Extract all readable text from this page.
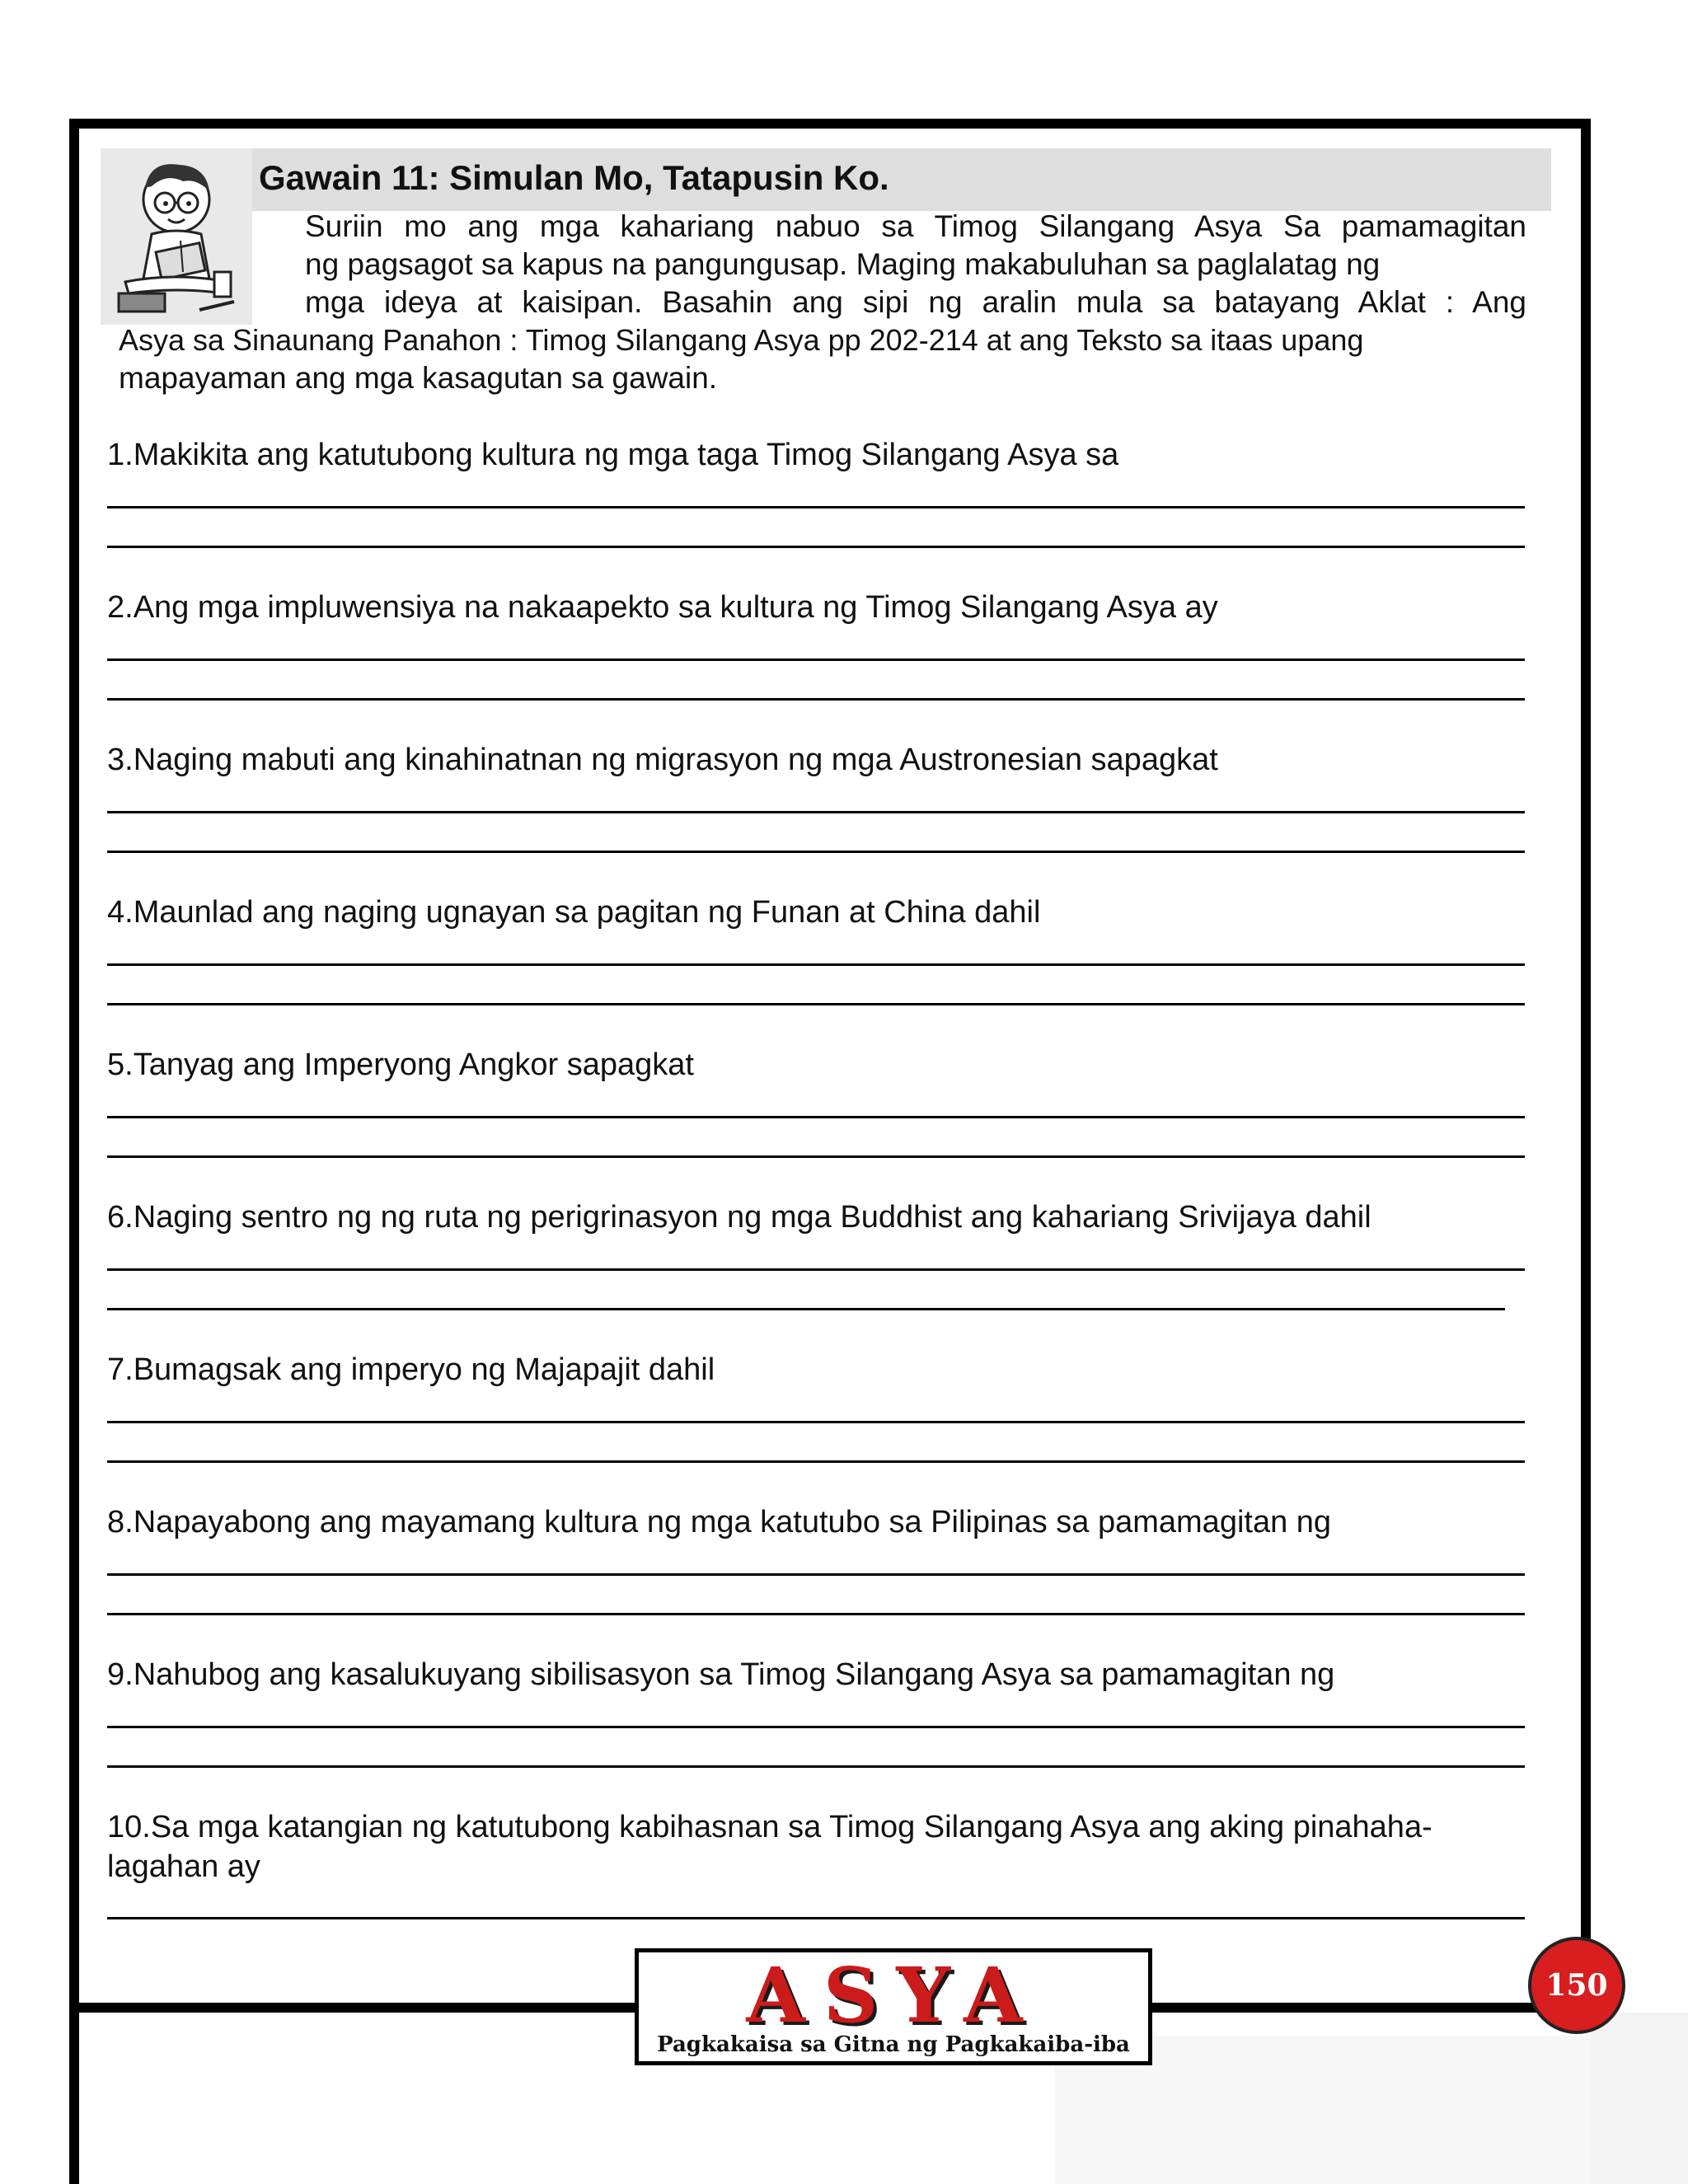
Gawain 11: Simulan Mo, Tatapusin Ko.
Suriin mo ang mga kahariang nabuo sa Timog Silangang Asya Sa pamamagitan
ng pagsagot sa kapus na pangungusap. Maging makabuluhan sa paglalatag ng
mga ideya at kaisipan. Basahin ang sipi ng aralin mula sa batayang Aklat : Ang
Asya sa Sinaunang Panahon : Timog Silangang Asya pp 202-214 at ang Teksto sa itaas upang
mapayaman ang mga kasagutan sa gawain.
1.Makikita ang katutubong kultura ng mga taga Timog Silangang Asya sa
2.Ang mga impluwensiya na nakaapekto sa kultura ng Timog Silangang Asya ay
3.Naging mabuti ang kinahinatnan ng migrasyon ng mga Austronesian sapagkat
4.Maunlad ang naging ugnayan sa pagitan ng Funan at China dahil
5.Tanyag ang Imperyong Angkor sapagkat
6.Naging sentro ng ng ruta ng perigrinasyon ng mga Buddhist ang kahariang Srivijaya dahil
7.Bumagsak ang imperyo ng Majapajit dahil
8.Napayabong ang mayamang kultura ng mga katutubo sa Pilipinas sa pamamagitan ng
9.Nahubog ang kasalukuyang sibilisasyon sa Timog Silangang Asya sa pamamagitan ng
10.Sa mga katangian ng katutubong kabihasnan sa Timog Silangang Asya ang aking pinahaha-
lagahan ay
ASYA
Pagkakaisa sa Gitna ng Pagkakaiba-iba
150
